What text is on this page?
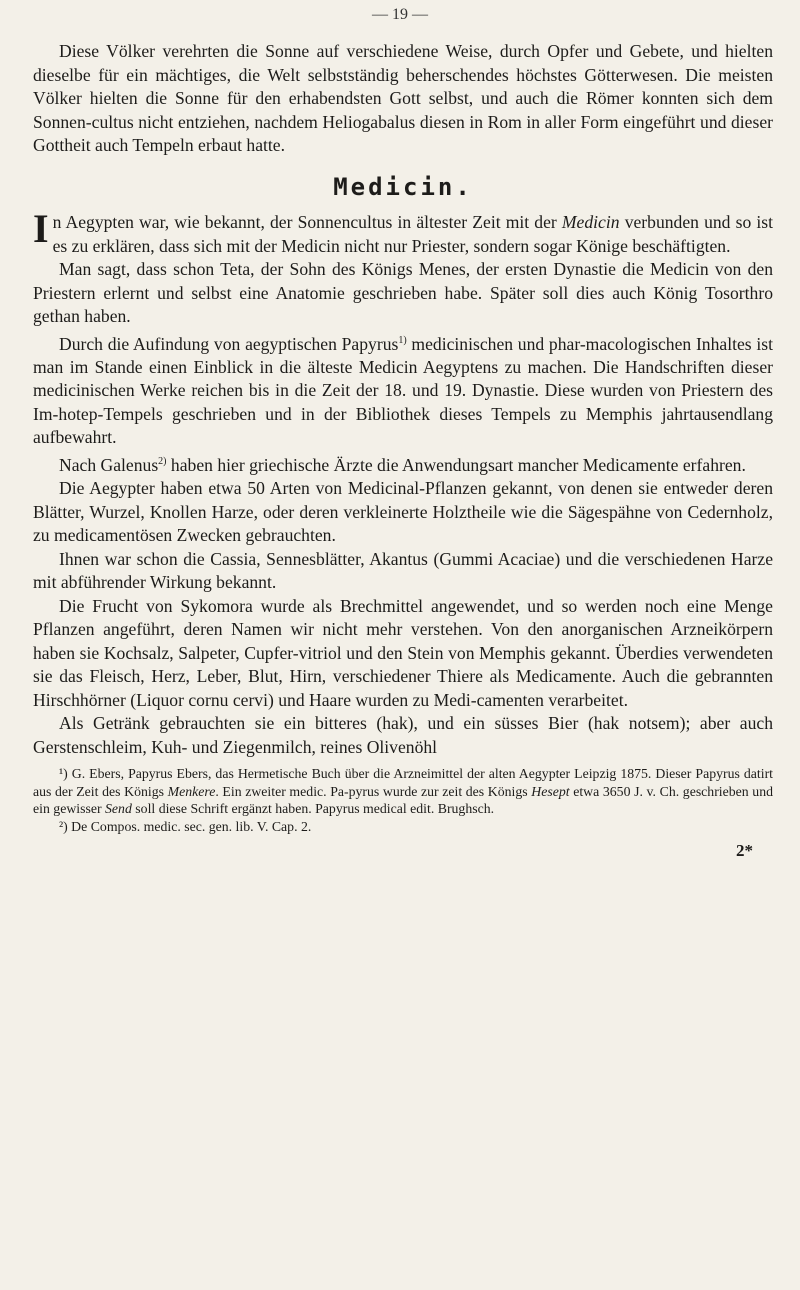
— 19 —

Diese Völker verehrten die Sonne auf verschiedene Weise, durch Opfer und Gebete, und hielten dieselbe für ein mächtiges, die Welt selbstständig beherschendes höchstes Götterwesen. Die meisten Völker hielten die Sonne für den erhabendsten Gott selbst, und auch die Römer konnten sich dem Sonnen-cultus nicht entziehen, nachdem Heliogabalus diesen in Rom in aller Form eingeführt und dieser Gottheit auch Tempeln erbaut hatte.

Medicin.

In Aegypten war, wie bekannt, der Sonnencultus in ältester Zeit mit der Medicin verbunden und so ist es zu erklären, dass sich mit der Medicin nicht nur Priester, sondern sogar Könige beschäftigten.

Man sagt, dass schon Teta, der Sohn des Königs Menes, der ersten Dynastie die Medicin von den Priestern erlernt und selbst eine Anatomie geschrieben habe. Später soll dies auch König Tosorthro gethan haben.

Durch die Aufindung von aegyptischen Papyrus$^{1)}$ medicinischen und phar-macologischen Inhaltes ist man im Stande einen Einblick in die älteste Medicin Aegyptens zu machen. Die Handschriften dieser medicinischen Werke reichen bis in die Zeit der 18. und 19. Dynastie. Diese wurden von Priestern des Im-hotep-Tempels geschrieben und in der Bibliothek dieses Tempels zu Memphis jahrtausendlang aufbewahrt.

Nach Galenus$^{2)}$ haben hier griechische Ärzte die Anwendungsart mancher Medicamente erfahren.

Die Aegypter haben etwa 50 Arten von Medicinal-Pflanzen gekannt, von denen sie entweder deren Blätter, Wurzel, Knollen Harze, oder deren verkleinerte Holztheile wie die Sägespähne von Cedernholz, zu medicamentösen Zwecken gebrauchten.

Ihnen war schon die Cassia, Sennesblätter, Akantus (Gummi Acaciae) und die verschiedenen Harze mit abführender Wirkung bekannt.

Die Frucht von Sykomora wurde als Brechmittel angewendet, und so werden noch eine Menge Pflanzen angeführt, deren Namen wir nicht mehr verstehen. Von den anorganischen Arzneikörpern haben sie Kochsalz, Salpeter, Cupfer-vitriol und den Stein von Memphis gekannt. Überdies verwendeten sie das Fleisch, Herz, Leber, Blut, Hirn, verschiedener Thiere als Medicamente. Auch die gebrannten Hirschhörner (Liquor cornu cervi) und Haare wurden zu Medi-camenten verarbeitet.

Als Getränk gebrauchten sie ein bitteres (hak), und ein süsses Bier (hak notsem); aber auch Gerstenschleim, Kuh- und Ziegenmilch, reines Olivenöhl

¹) G. Ebers, Papyrus Ebers, das Hermetische Buch über die Arzneimittel der alten Aegypter Leipzig 1875. Dieser Papyrus datirt aus der Zeit des Königs Menkere. Ein zweiter medic. Pa-pyrus wurde zur zeit des Königs Hesept etwa 3650 J. v. Ch. geschrieben und ein gewisser Send soll diese Schrift ergänzt haben. Papyrus medical edit. Brughsch.

²) De Compos. medic. sec. gen. lib. V. Cap. 2.

2*
